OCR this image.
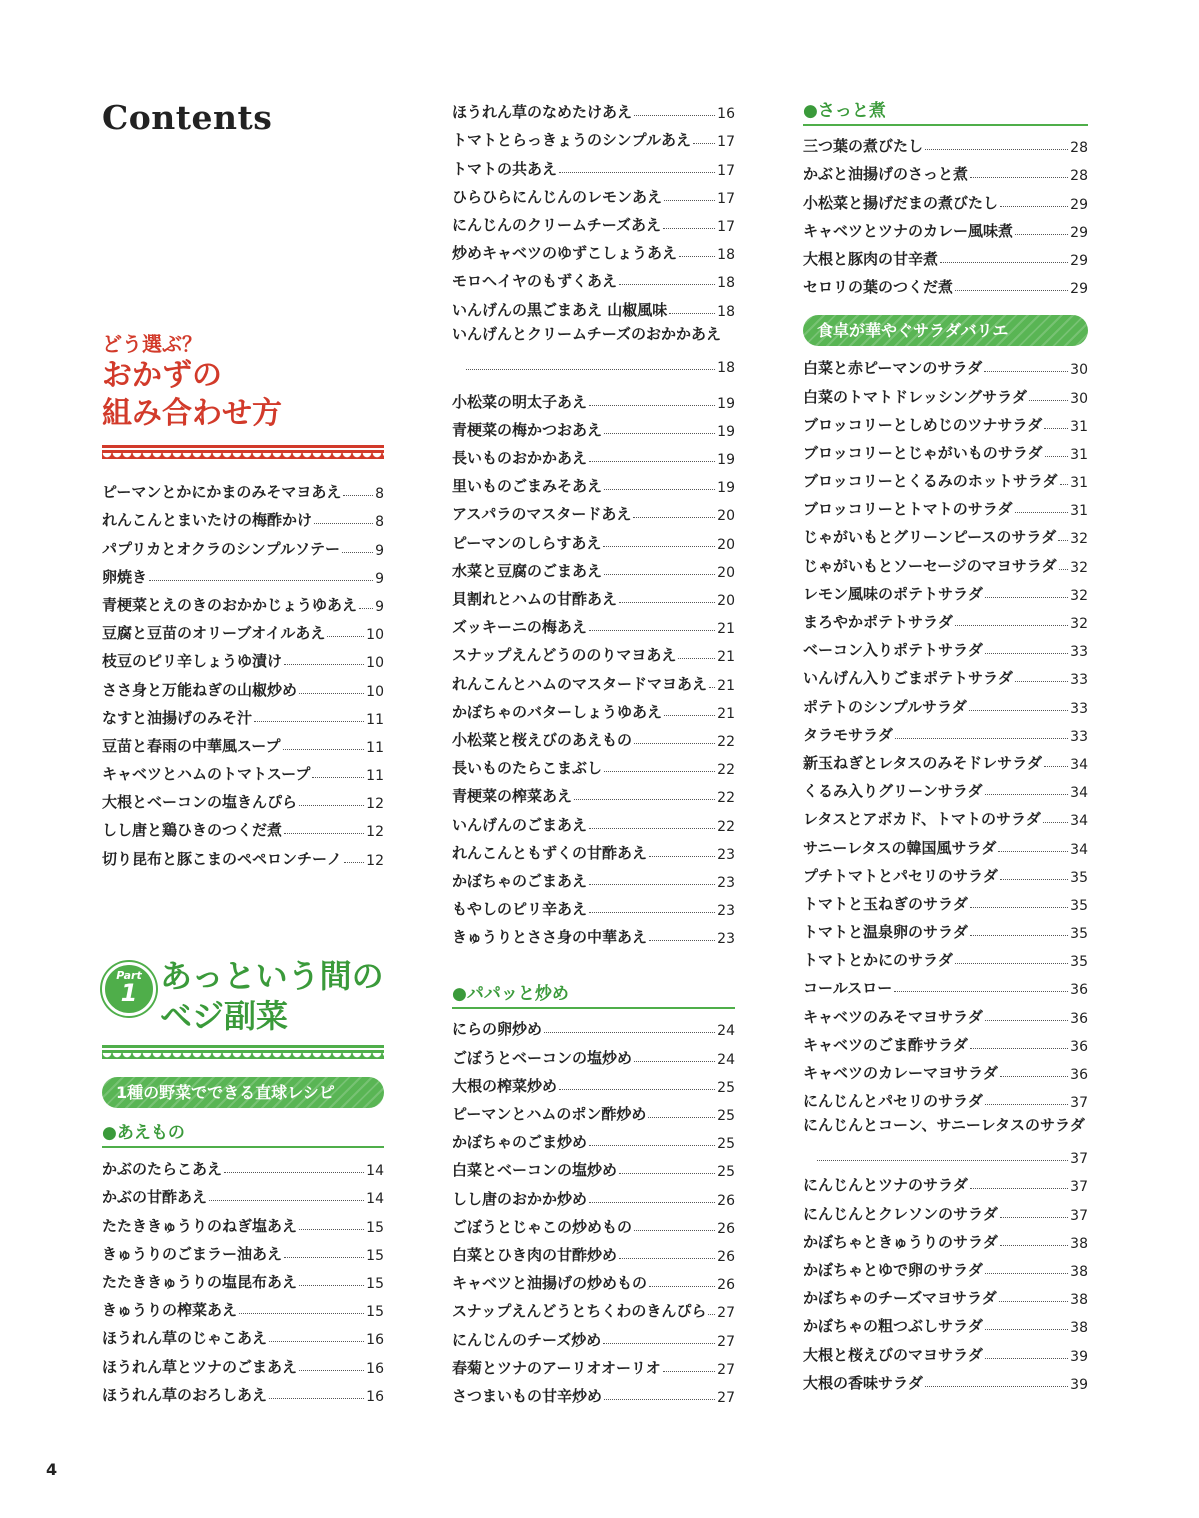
Contents
どう選ぶ？
おかずの
組み合わせ方
ピーマンとかにかまのみそマヨあえ 8
れんこんとまいたけの梅酢かけ	8
パプリカとオクラのシンプルソテー	9
卵焼き	9
青梗菜とえのきのおかかじょうゆあえ 9
豆腐と豆苗のオリーブオイルあえ	10
枝豆のピリ辛しょうゆ漬け	10
ささ身と万能ねぎの山椒炒め	10
なすと油揚げのみそ汁	11
豆苗と春雨の中華風スープ	11
キャベツとハムのトマトスープ	11
大根とベーコンの塩きんぴら	12
しし唐と鶏ひきのつくだ煮	12
切り昆布と豚こまのペペロンチーノ 12
Part
1 あっという間の
ベジ副菜
1種の野菜でできる直球レシピ
●あえもの
かぶのたらこあえ	14
かぶの甘酢あえ	14
たたききゅうりのねぎ塩あえ	15
きゅうりのごまラー油あえ	15
たたききゅうりの塩昆布あえ	15
きゅうりの榨菜あえ	15
ほうれん草のじゃこあえ	16
ほうれん草とツナのごまあえ	16
ほうれん草のおろしあえ	16
ほうれん草のなめたけあえ	16
トマトとらっきょうのシンプルあえ 17
トマトの共あえ	17
ひらひらにんじんのレモンあえ	17
にんじんのクリームチーズあえ	17
炒めキャベツのゆずこしょうあえ	18
モロヘイヤのもずくあえ	18
いんげんの黒ごまあえ 山椒風味	18
いんげんとクリームチーズのおかかあえ
18
小松菜の明太子あえ	19
青梗菜の梅かつおあえ	19
長いものおかかあえ	19
里いものごまみそあえ	19
アスパラのマスタードあえ	20
ピーマンのしらすあえ	20
水菜と豆腐のごまあえ	20
貝割れとハムの甘酢あえ	20
ズッキーニの梅あえ	21
スナップえんどうののりマヨあえ	21
れんこんとハムのマスタードマヨあえ 21
かぼちゃのバターしょうゆあえ	21
小松菜と桜えびのあえもの	22
長いものたらこまぶし	22
青梗菜の榨菜あえ	22
いんげんのごまあえ	22
れんこんともずくの甘酢あえ	23
かぼちゃのごまあえ	23
もやしのピリ辛あえ	23
きゅうりとささ身の中華あえ	23
●パパッと炒め
にらの卵炒め	24
ごぼうとベーコンの塩炒め	24
大根の榨菜炒め	25
ピーマンとハムのポン酢炒め	25
かぼちゃのごま炒め	25
白菜とベーコンの塩炒め	25
しし唐のおかか炒め	26
ごぼうとじゃこの炒めもの	26
白菜とひき肉の甘酢炒め	26
キャベツと油揚げの炒めもの	26
スナップえんどうとちくわのきんぴら 27
にんじんのチーズ炒め	27
春菊とツナのアーリオオーリオ	27
さつまいもの甘辛炒め	27
●さっと煮
三つ葉の煮びたし	28
かぶと油揚げのさっと煮	28
小松菜と揚げだまの煮びたし	29
キャベツとツナのカレー風味煮	29
大根と豚肉の甘辛煮	29
セロリの葉のつくだ煮	29
食卓が華やぐサラダバリエ
白菜と赤ピーマンのサラダ	30
白菜のトマトドレッシングサラダ	30
ブロッコリーとしめじのツナサラダ 31
ブロッコリーとじゃがいものサラダ 31
ブロッコリーとくるみのホットサラダ 31
ブロッコリーとトマトのサラダ	31
じゃがいもとグリーンピースのサラダ 32
じゃがいもとソーセージのマヨサラダ 32
レモン風味のポテトサラダ	32
まろやかポテトサラダ	32
ベーコン入りポテトサラダ	33
いんげん入りごまポテトサラダ	33
ポテトのシンプルサラダ	33
タラモサラダ	33
新玉ねぎとレタスのみそドレサラダ 34
くるみ入りグリーンサラダ	34
レタスとアボカド、トマトのサラダ 34
サニーレタスの韓国風サラダ	34
プチトマトとパセリのサラダ	35
トマトと玉ねぎのサラダ	35
トマトと温泉卵のサラダ	35
トマトとかにのサラダ	35
コールスロー	36
キャベツのみそマヨサラダ	36
キャベツのごま酢サラダ	36
キャベツのカレーマヨサラダ	36
にんじんとパセリのサラダ	37
にんじんとコーン、サニーレタスのサラダ
37
にんじんとツナのサラダ	37
にんじんとクレソンのサラダ	37
かぼちゃときゅうりのサラダ	38
かぼちゃとゆで卵のサラダ	38
かぼちゃのチーズマヨサラダ	38
かぼちゃの粗つぶしサラダ	38
大根と桜えびのマヨサラダ	39
大根の香味サラダ	39
4
